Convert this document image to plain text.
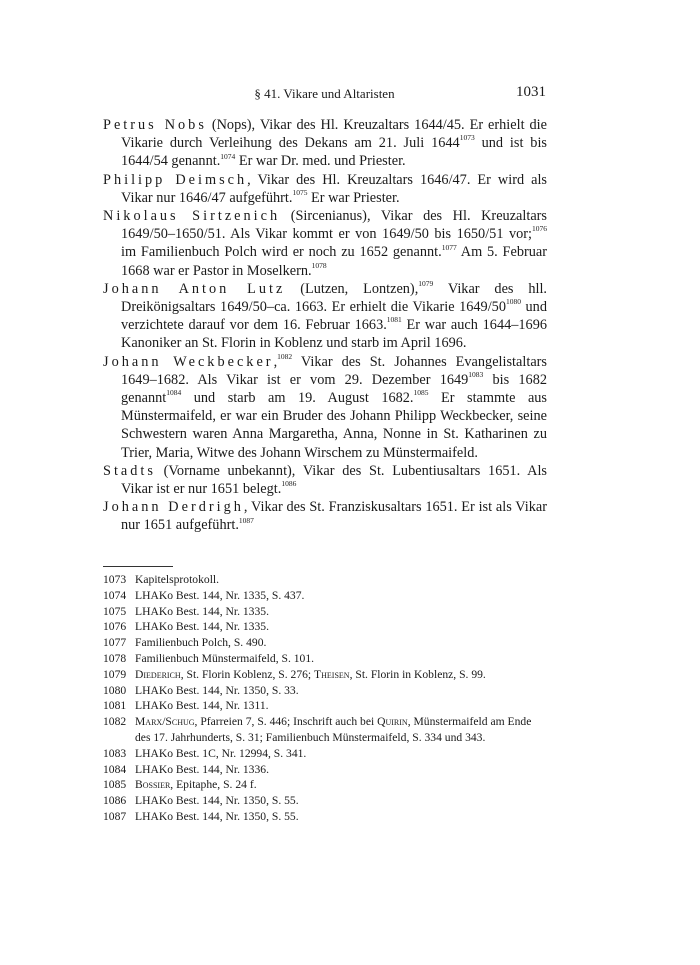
§ 41. Vikare und Altaristen	1031

Petrus Nobs (Nops), Vikar des Hl. Kreuzaltars 1644/45. Er erhielt die Vikarie durch Verleihung des Dekans am 21. Juli $1644^{1073}$ und ist bis 1644/54 genannt.$^{1074}$ Er war Dr. med. und Priester.

Philipp Deimsch, Vikar des Hl. Kreuzaltars 1646/47. Er wird als Vikar nur 1646/47 aufgeführt.$^{1075}$ Er war Priester.

Nikolaus Sirtzenich (Sircenianus), Vikar des Hl. Kreuzaltars 1649/50–1650/51. Als Vikar kommt er von 1649/50 bis 1650/51 vor;$^{1076}$ im Familienbuch Polch wird er noch zu 1652 genannt.$^{1077}$ Am 5. Februar 1668 war er Pastor in Moselkern.$^{1078}$

Johann Anton Lutz (Lutzen, Lontzen),$^{1079}$ Vikar des hll. Dreikönigsaltars 1649/50–ca. 1663. Er erhielt die Vikarie $1649/50^{1080}$ und verzichtete darauf vor dem 16. Februar 1663.$^{1081}$ Er war auch 1644–1696 Kanoniker an St. Florin in Koblenz und starb im April 1696.

Johann Weckbecker,$^{1082}$ Vikar des St. Johannes Evangelistaltars 1649–1682. Als Vikar ist er vom 29. Dezember $1649^{1083}$ bis 1682 genannt$^{1084}$ und starb am 19. August 1682.$^{1085}$ Er stammte aus Münstermaifeld, er war ein Bruder des Johann Philipp Weckbecker, seine Schwestern waren Anna Margaretha, Anna, Nonne in St. Katharinen zu Trier, Maria, Witwe des Johann Wirschem zu Münstermaifeld.

Stadts (Vorname unbekannt), Vikar des St. Lubentiusaltars 1651. Als Vikar ist er nur 1651 belegt.$^{1086}$

Johann Derdrigh, Vikar des St. Franziskusaltars 1651. Er ist als Vikar nur 1651 aufgeführt.$^{1087}$

1073 Kapitelsprotokoll.

1074 LHAKo Best. 144, Nr. 1335, S. 437.

1075 LHAKo Best. 144, Nr. 1335.

1076 LHAKo Best. 144, Nr. 1335.

1077 Familienbuch Polch, S. 490.

1078 Familienbuch Münstermaifeld, S. 101.

1079 Diederich, St. Florin Koblenz, S. 276; Theisen, St. Florin in Koblenz, S. 99.

1080 LHAKo Best. 144, Nr. 1350, S. 33.

1081 LHAKo Best. 144, Nr. 1311.

1082 Marx/Schug, Pfarreien 7, S. 446; Inschrift auch bei Quirin, Münstermaifeld am Ende des 17. Jahrhunderts, S. 31; Familienbuch Münstermaifeld, S. 334 und 343.

1083 LHAKo Best. 1C, Nr. 12994, S. 341.

1084 LHAKo Best. 144, Nr. 1336.

1085 Bossier, Epitaphe, S. 24 f.

1086 LHAKo Best. 144, Nr. 1350, S. 55.

1087 LHAKo Best. 144, Nr. 1350, S. 55.
